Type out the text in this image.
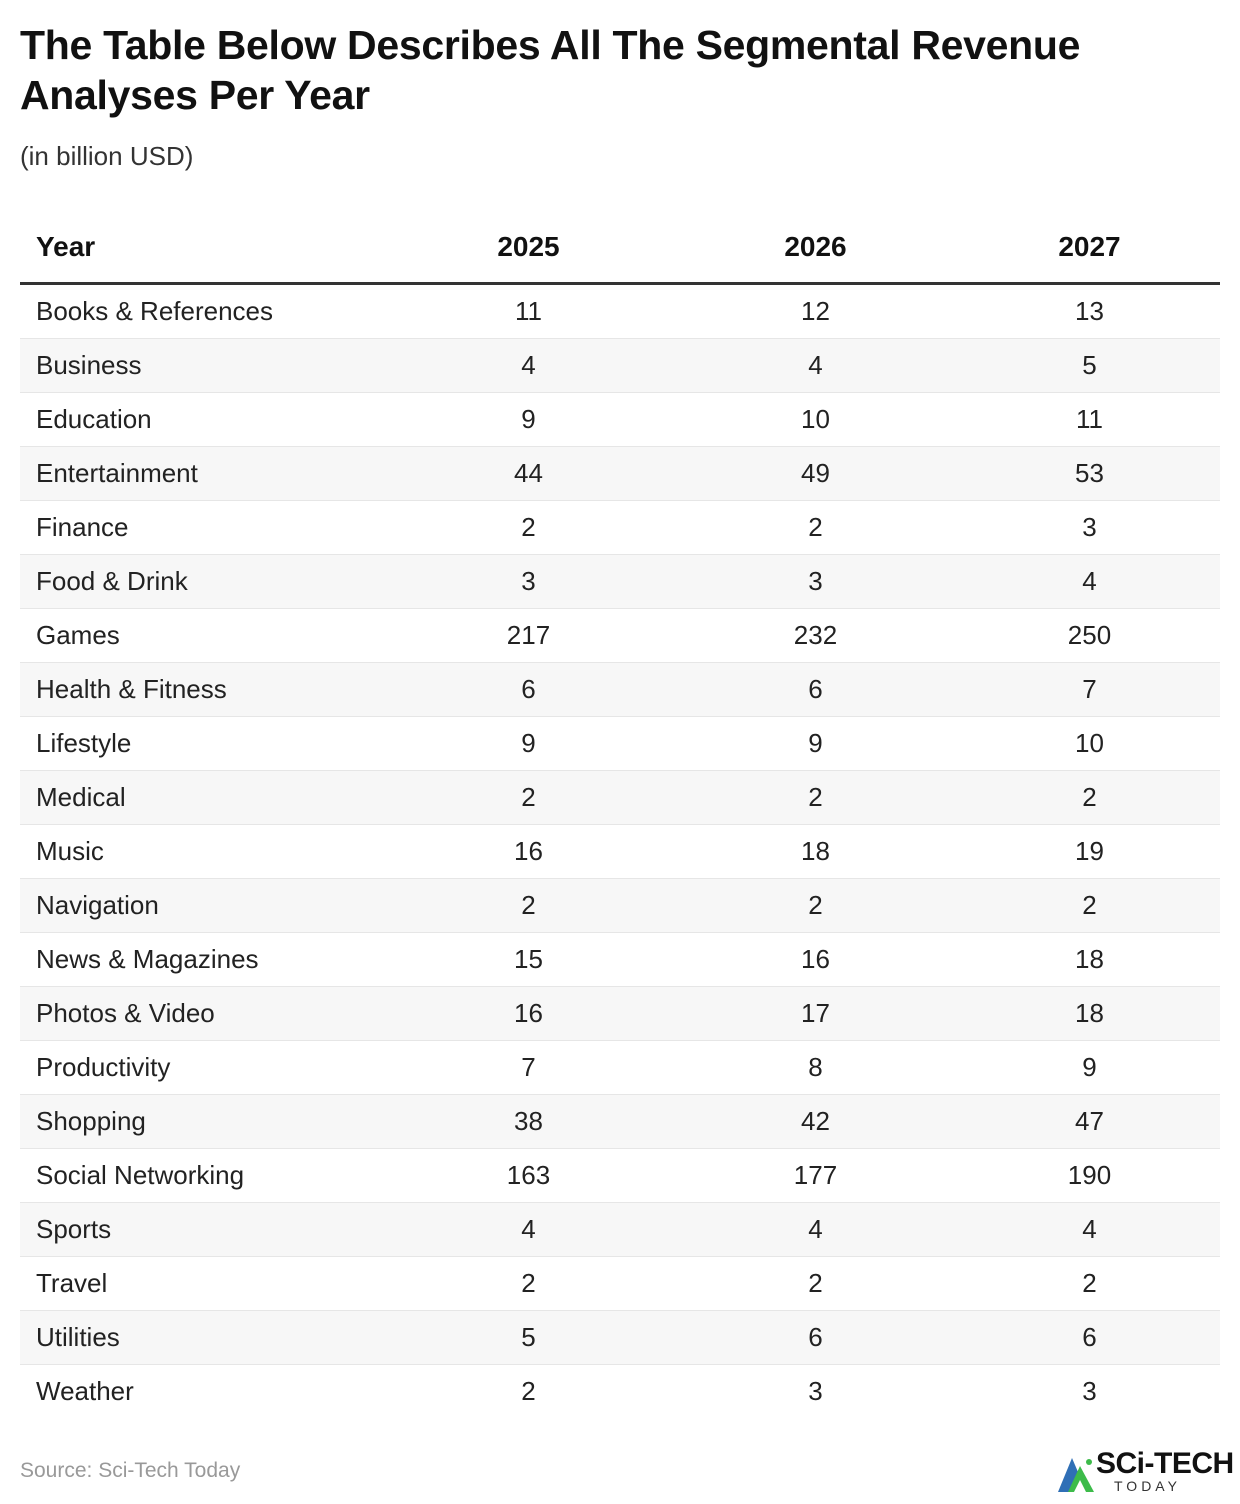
The Table Below Describes All The Segmental Revenue Analyses Per Year
(in billion USD)
Year	2025	2026	2027
Books & References	11	12	13
Business	4	4	5
Education	9	10	11
Entertainment	44	49	53
Finance	2	2	3
Food & Drink	3	3	4
Games	217	232	250
Health & Fitness	6	6	7
Lifestyle	9	9	10
Medical	2	2	2
Music	16	18	19
Navigation	2	2	2
News & Magazines	15	16	18
Photos & Video	16	17	18
Productivity	7	8	9
Shopping	38	42	47
Social Networking	163	177	190
Sports	4	4	4
Travel	2	2	2
Utilities	5	6	6
Weather	2	3	3
Source: Sci-Tech Today	SCi-TECH
TODAY
